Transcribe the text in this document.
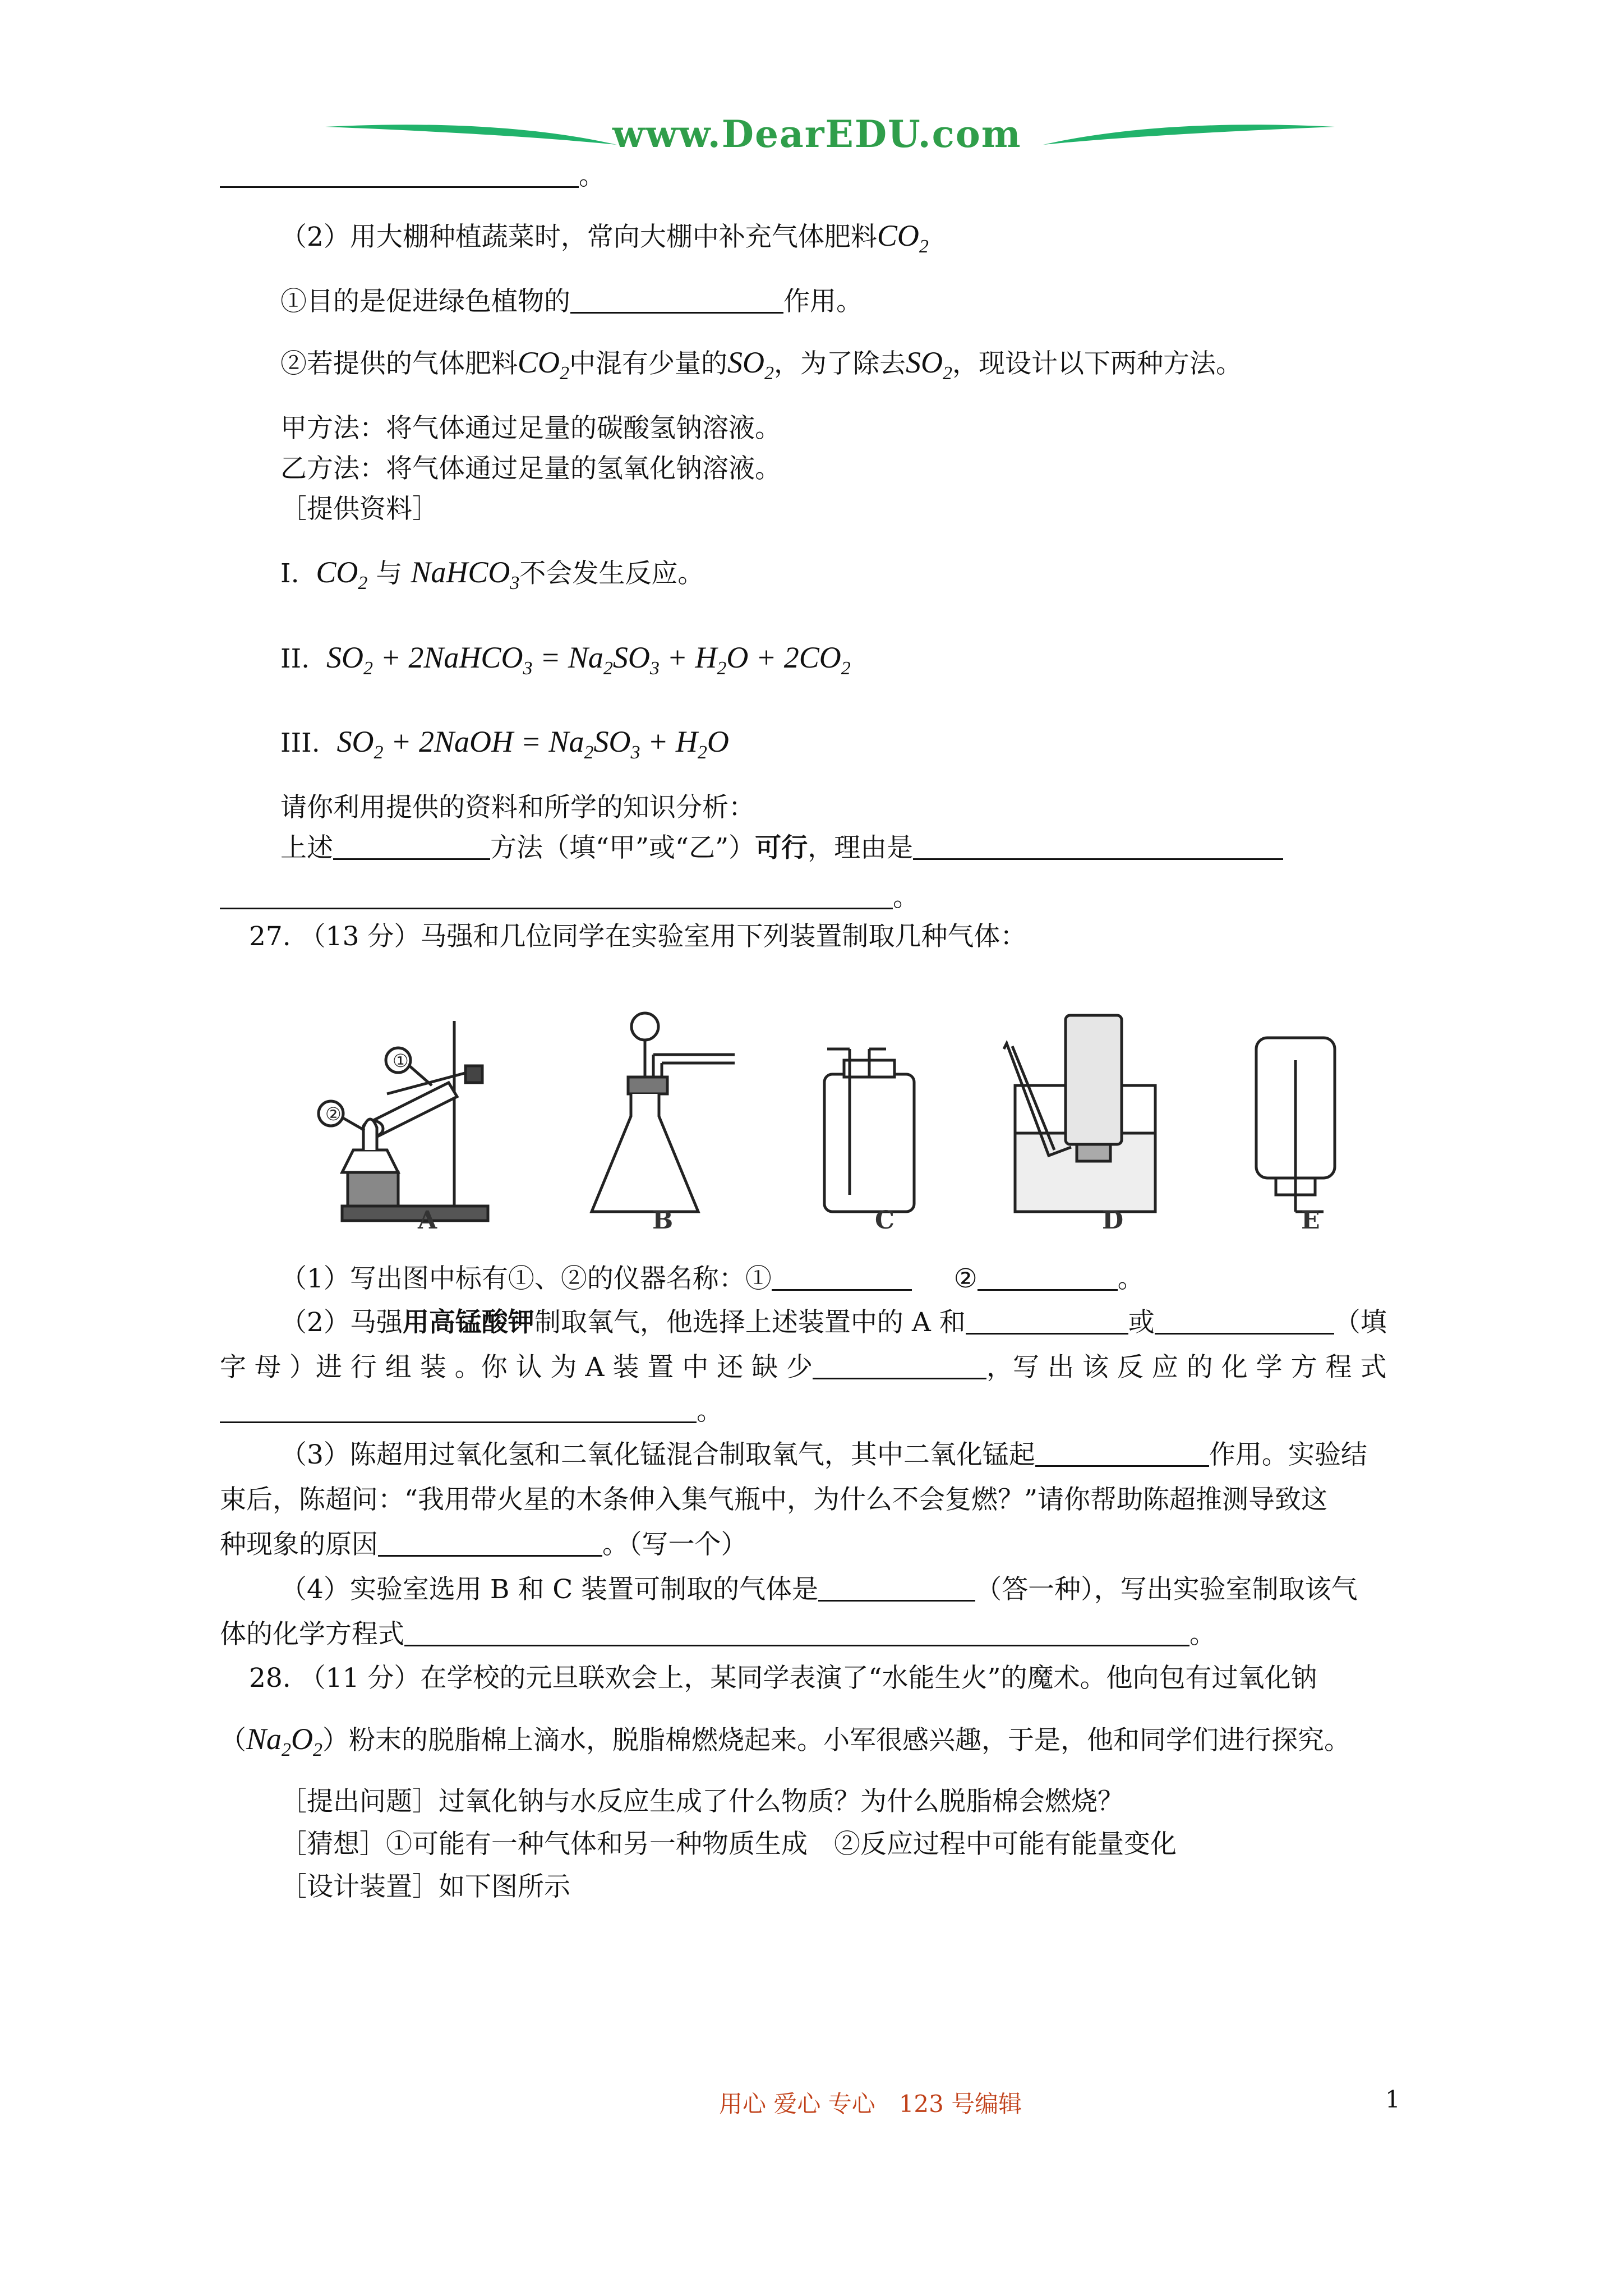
www.DearEDU.com
。
（2）用大棚种植蔬菜时，常向大棚中补充气体肥料$CO_2$
①目的是促进绿色植物的	作用。
②若提供的气体肥料$CO_2$中混有少量的$SO_2$，为了除去$SO_2$，现设计以下两种方法。
甲方法：将气体通过足量的碳酸氢钠溶液。
乙方法：将气体通过足量的氢氧化钠溶液。
［提供资料］
I. $CO_2$ 与 NaHCO$_3$不会发生反应。
II. $SO_2$ + 2NaHCO$_3$ = $Na_2SO_3 + H_2O + 2CO_2$
III. $SO_2$ + 2NaOH = $Na_2SO_3 + H_2O$
请你利用提供的资料和所学的知识分析：
上述	方法（填“甲”或“乙”）可行，理由是
。
27. （13 分）马强和几位同学在实验室用下列装置制取几种气体：
①
②
A	B	C	D	E
（1）写出图中标有①、②的仪器名称：①	②	。
（2）马强用高锰酸钾制取氧气，他选择上述装置中的 A 和	或	（填
字 母 ）进 行 组 装 。你 认 为 A 装 置 中 还 缺 少	，写 出 该 反 应 的 化 学 方 程 式
。
（3）陈超用过氧化氢和二氧化锰混合制取氧气，其中二氧化锰起	作用。实验结
束后，陈超问：“我用带火星的木条伸入集气瓶中，为什么不会复燃？”请你帮助陈超推测导致这
种现象的原因	。（写一个）
（4）实验室选用 B 和 C 装置可制取的气体是	（答一种），写出实验室制取该气
体的化学方程式	。
28. （11 分）在学校的元旦联欢会上，某同学表演了“水能生火”的魔术。他向包有过氧化钠
$(Na_2O_2)$粉末的脱脂棉上滴水，脱脂棉燃烧起来。小军很感兴趣，于是，他和同学们进行探究。
［提出问题］过氧化钠与水反应生成了什么物质？为什么脱脂棉会燃烧？
［猜想］①可能有一种气体和另一种物质生成　②反应过程中可能有能量变化
［设计装置］如下图所示
用心 爱心 专心　123 号编辑	1
